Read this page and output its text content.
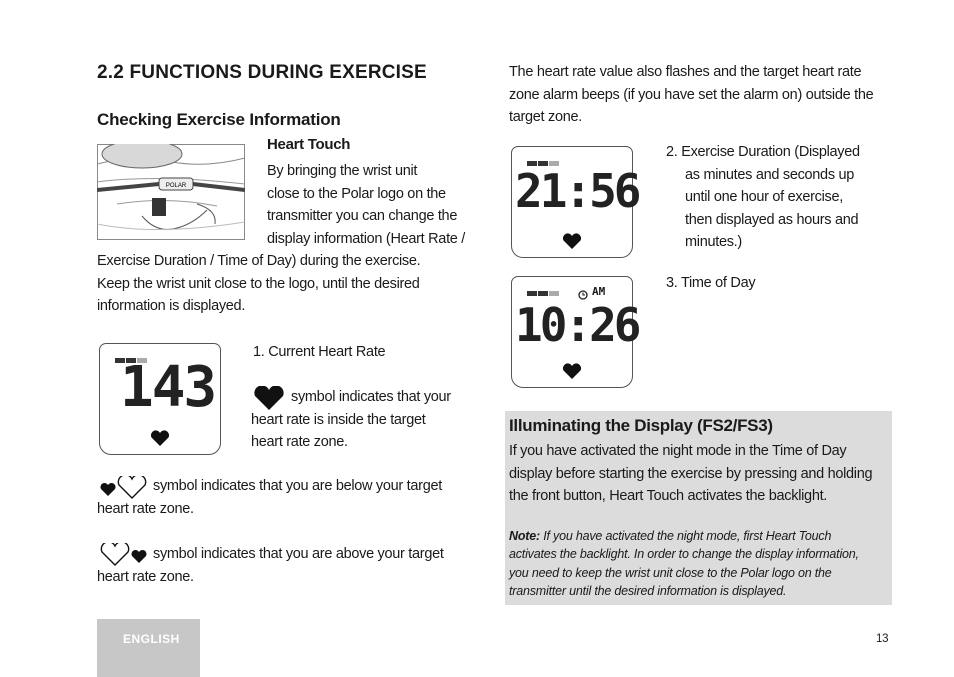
2.2 FUNCTIONS DURING EXERCISE
Checking Exercise Information
POLAR
Heart Touch
By bringing the wrist unit
close to the Polar logo on the
transmitter you can change the
display information (Heart Rate /
Exercise Duration / Time of Day) during the exercise.
Keep the wrist unit close to the logo, until the desired
information is displayed.
143
1. Current Heart Rate
symbol indicates that your
heart rate is inside the target
heart rate zone.
symbol indicates that you are below your target
heart rate zone.
symbol indicates that you are above your target
heart rate zone.
The heart rate value also flashes and the target heart rate
zone alarm beeps (if you have set the alarm on) outside the
target zone.
21:56
2. Exercise Duration (Displayed
as minutes and seconds up
until one hour of exercise,
then displayed as hours and
minutes.)
AM
10:26
3. Time of Day
Illuminating the Display (FS2/FS3)
If you have activated the night mode in the Time of Day
display before starting the exercise by pressing and holding
the front button, Heart Touch activates the backlight.
Note: If you have activated the night mode, first Heart Touch
activates the backlight. In order to change the display information,
you need to keep the wrist unit close to the Polar logo on the
transmitter until the desired information is displayed.
ENGLISH	13
